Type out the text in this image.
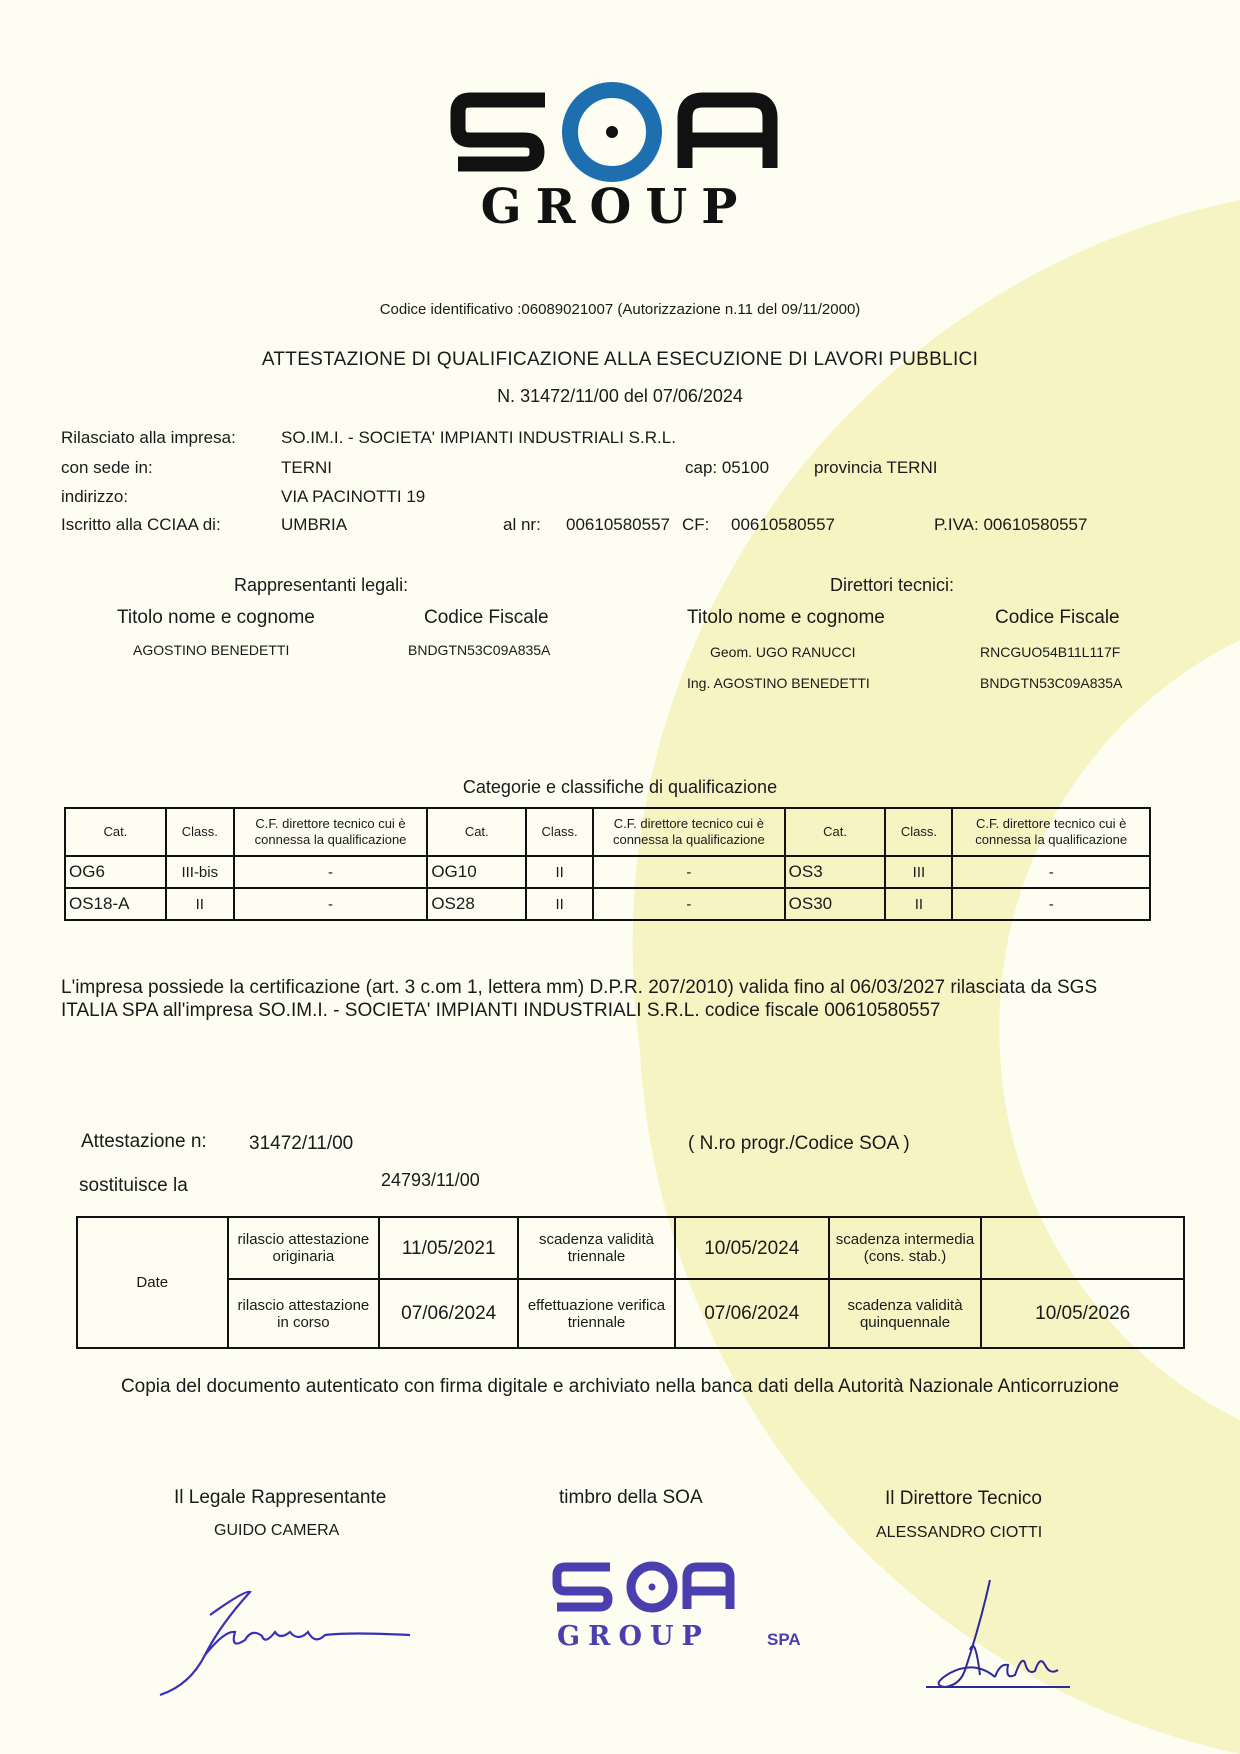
GROUP
Codice identificativo :06089021007 (Autorizzazione n.11 del 09/11/2000)
ATTESTAZIONE DI QUALIFICAZIONE ALLA ESECUZIONE DI LAVORI PUBBLICI
N. 31472/11/00 del 07/06/2024
Rilasciato alla impresa:	SO.IM.I. - SOCIETA' IMPIANTI INDUSTRIALI S.R.L.
con sede in:	TERNI	cap: 05100	provincia TERNI
indirizzo:	VIA PACINOTTI 19
Iscritto alla CCIAA di:	UMBRIA	al nr: 00610580557 CF: 00610580557	P.IVA: 00610580557
Rappresentanti legali:	Direttori tecnici:
Titolo nome e cognome	Codice Fiscale	Titolo nome e cognome	Codice Fiscale
AGOSTINO BENEDETTI	BNDGTN53C09A835A	Geom. UGO RANUCCI	RNCGUO54B11L117F
Ing. AGOSTINO BENEDETTI	BNDGTN53C09A835A
Categorie e classifiche di qualificazione
Cat.	Class.	C.F. direttore tecnico cui è connessa la qualificazione	Cat.	Class.	C.F. direttore tecnico cui è connessa la qualificazione	Cat.	Class.	C.F. direttore tecnico cui è connessa la qualificazione
OG6	III-bis	-	OG10	II	-	OS3	III	-
OS18-A	II	-	OS28	II	-	OS30	II	-
L'impresa possiede la certificazione (art. 3 c.om 1, lettera mm) D.P.R. 207/2010) valida fino al 06/03/2027 rilasciata da SGS
ITALIA SPA all'impresa SO.IM.I. - SOCIETA' IMPIANTI INDUSTRIALI S.R.L. codice fiscale 00610580557
Attestazione n: 31472/11/00	( N.ro progr./Codice SOA )
sostituisce la	24793/11/00
Date	rilascio attestazione originaria	11/05/2021	scadenza validità triennale	10/05/2024	scadenza intermedia (cons. stab.)	
	rilascio attestazione in corso	07/06/2024	effettuazione verifica triennale	07/06/2024	scadenza validità quinquennale	10/05/2026
Copia del documento autenticato con firma digitale e archiviato nella banca dati della Autorità Nazionale Anticorruzione
Il Legale Rappresentante
GUIDO CAMERA
timbro della SOA	Il Direttore Tecnico
ALESSANDRO CIOTTI
GROUP	SPA
